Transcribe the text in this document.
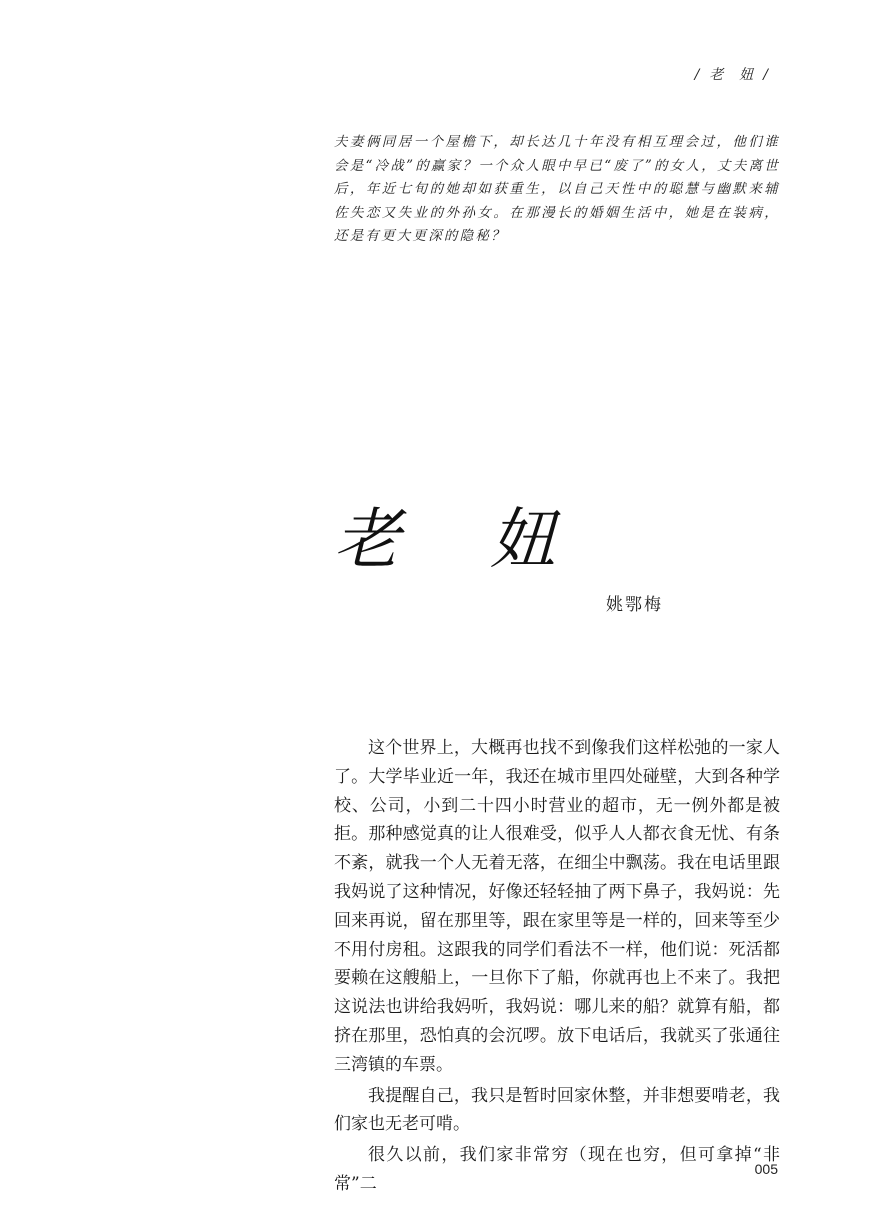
/ 老 妞 /

夫妻俩同居一个屋檐下，却长达几十年没有相互理会过，他们谁会是“冷战”的赢家？一个众人眼中早已“废了”的女人，丈夫离世后，年近七旬的她却如获重生，以自己天性中的聪慧与幽默来辅佐失恋又失业的外孙女。在那漫长的婚姻生活中，她是在装病，还是有更大更深的隐秘？

老 妞
姚鄂梅

这个世界上，大概再也找不到像我们这样松弛的一家人了。大学毕业近一年，我还在城市里四处碰壁，大到各种学校、公司，小到二十四小时营业的超市，无一例外都是被拒。那种感觉真的让人很难受，似乎人人都衣食无忧、有条不紊，就我一个人无着无落，在细尘中飘荡。我在电话里跟我妈说了这种情况，好像还轻轻抽了两下鼻子，我妈说：先回来再说，留在那里等，跟在家里等是一样的，回来等至少不用付房租。这跟我的同学们看法不一样，他们说：死活都要赖在这艘船上，一旦你下了船，你就再也上不来了。我把这说法也讲给我妈听，我妈说：哪儿来的船？就算有船，都挤在那里，恐怕真的会沉啰。放下电话后，我就买了张通往三湾镇的车票。

我提醒自己，我只是暂时回家休整，并非想要啃老，我们家也无老可啃。

很久以前，我们家非常穷（现在也穷，但可拿掉“非常”二

005
